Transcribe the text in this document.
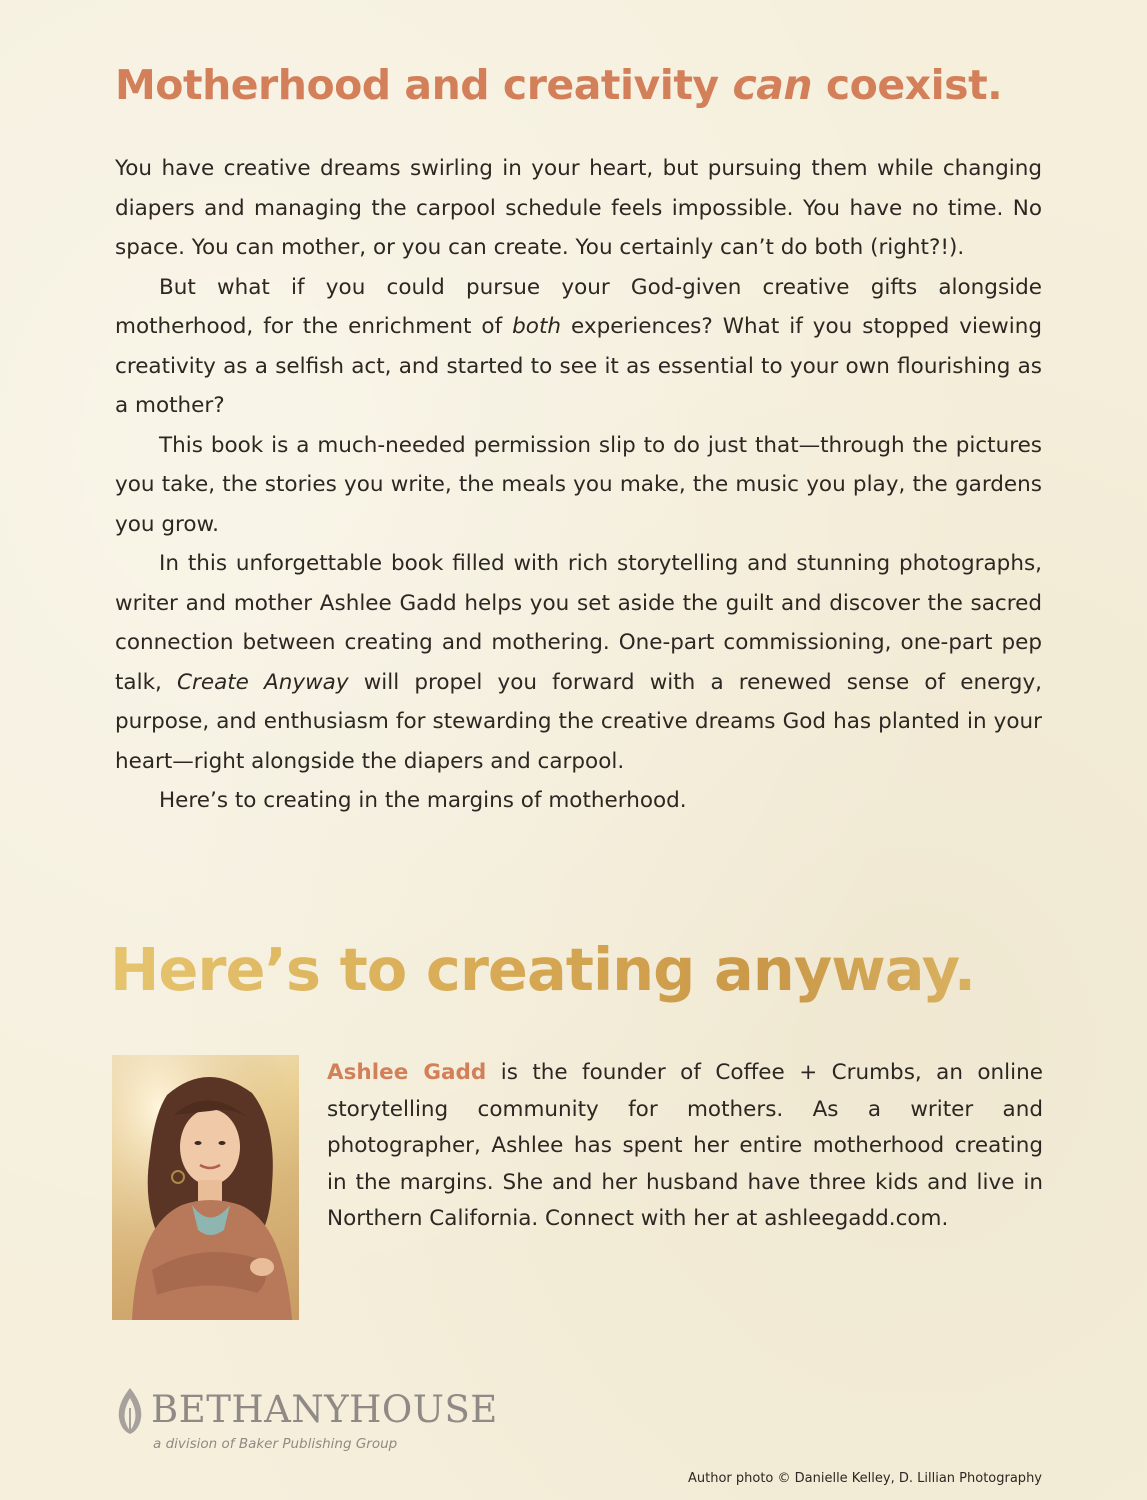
Motherhood and creativity can coexist.

You have creative dreams swirling in your heart, but pursuing them while changing diapers and managing the carpool schedule feels impossible. You have no time. No space. You can mother, or you can create. You certainly can’t do both (right?!).

But what if you could pursue your God-given creative gifts alongside motherhood, for the enrichment of both experiences? What if you stopped viewing creativity as a selfish act, and started to see it as essential to your own flourishing as a mother?

This book is a much-needed permission slip to do just that—through the pictures you take, the stories you write, the meals you make, the music you play, the gardens you grow.

In this unforgettable book filled with rich storytelling and stunning photographs, writer and mother Ashlee Gadd helps you set aside the guilt and discover the sacred connection between creating and mothering. One-part commissioning, one-part pep talk, Create Anyway will propel you forward with a renewed sense of energy, purpose, and enthusiasm for stewarding the creative dreams God has planted in your heart—right alongside the diapers and carpool.

Here’s to creating in the margins of motherhood.

Here’s to creating anyway.

Ashlee Gadd is the founder of Coffee + Crumbs, an online storytelling community for mothers. As a writer and photographer, Ashlee has spent her entire motherhood creating in the margins. She and her husband have three kids and live in Northern California. Connect with her at ashleegadd.com.

BETHANYHOUSE
a division of Baker Publishing Group
Author photo © Danielle Kelley, D. Lillian Photography
